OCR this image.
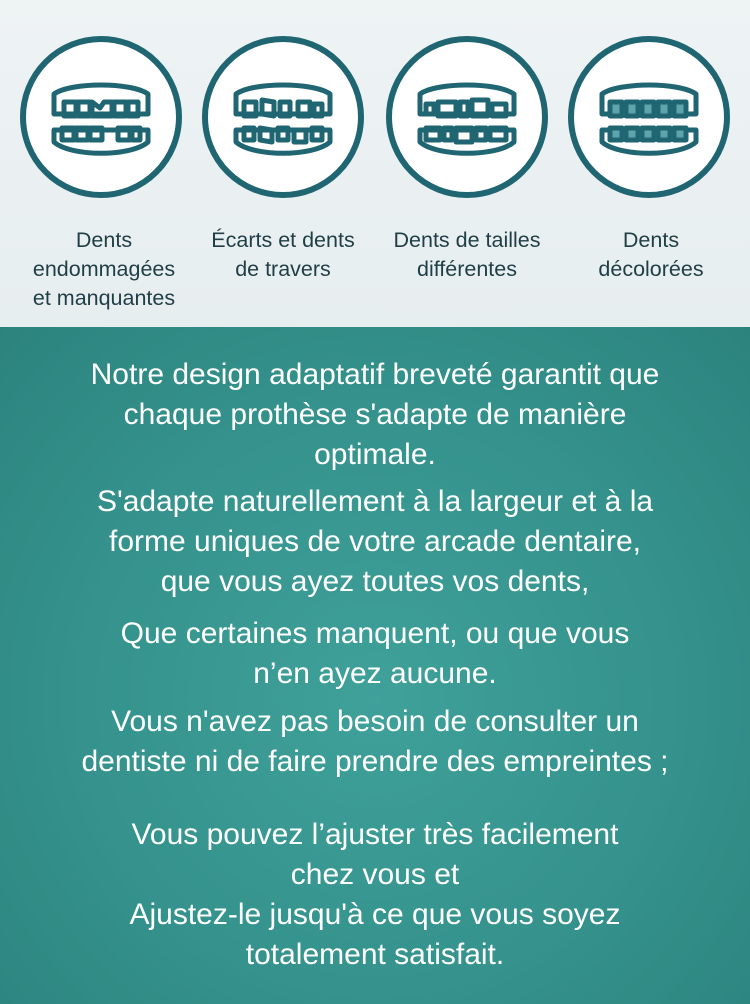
Dents
endommagées
et manquantes
Écarts et dents
de travers
Dents de tailles
différentes
Dents
décolorées
Notre design adaptatif breveté garantit que
chaque prothèse s'adapte de manière
optimale.
S'adapte naturellement à la largeur et à la
forme uniques de votre arcade dentaire,
que vous ayez toutes vos dents,
Que certaines manquent, ou que vous
n’en ayez aucune.
Vous n'avez pas besoin de consulter un
dentiste ni de faire prendre des empreintes ;
Vous pouvez l’ajuster très facilement
chez vous et
Ajustez-le jusqu'à ce que vous soyez
totalement satisfait.
